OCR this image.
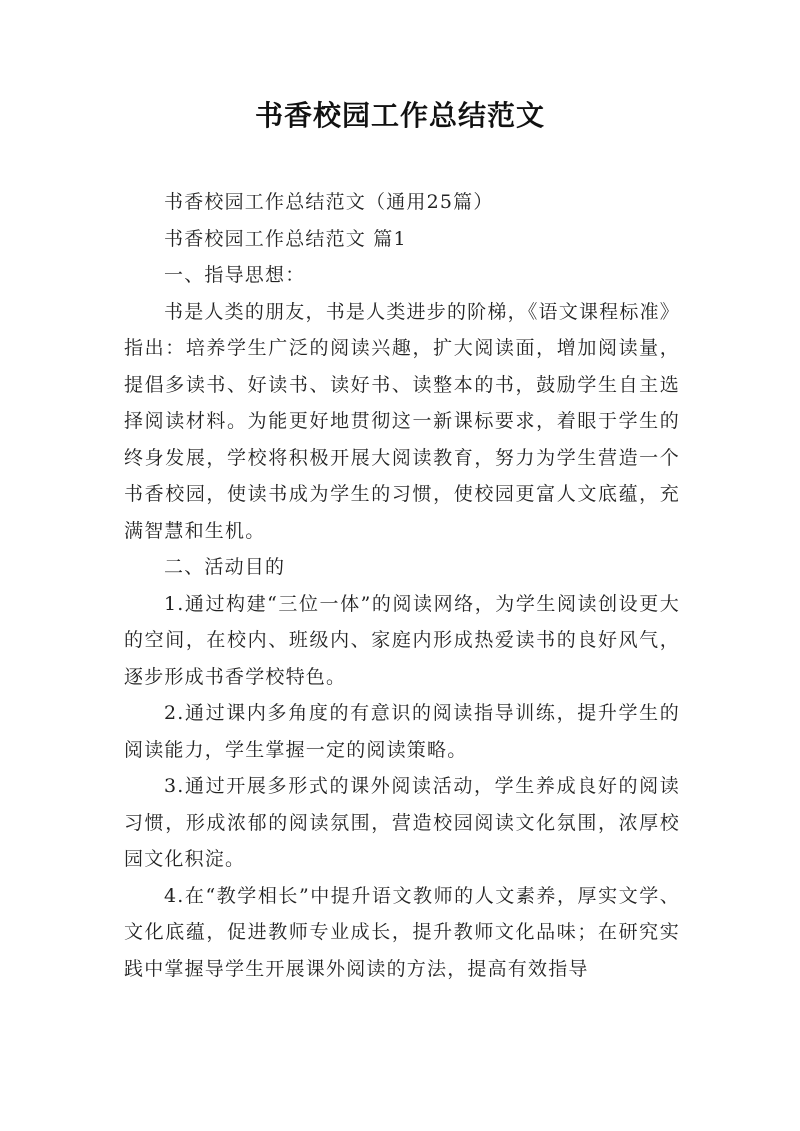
书香校园工作总结范文

书香校园工作总结范文（通用25篇）

书香校园工作总结范文 篇1

一、指导思想：

书是人类的朋友，书是人类进步的阶梯，《语文课程标准》指出：培养学生广泛的阅读兴趣，扩大阅读面，增加阅读量，提倡多读书、好读书、读好书、读整本的书，鼓励学生自主选择阅读材料。为能更好地贯彻这一新课标要求，着眼于学生的终身发展，学校将积极开展大阅读教育，努力为学生营造一个书香校园，使读书成为学生的习惯，使校园更富人文底蕴，充满智慧和生机。

二、活动目的

1.通过构建“三位一体”的阅读网络，为学生阅读创设更大的空间，在校内、班级内、家庭内形成热爱读书的良好风气，逐步形成书香学校特色。

2.通过课内多角度的有意识的阅读指导训练，提升学生的阅读能力，学生掌握一定的阅读策略。

3.通过开展多形式的课外阅读活动，学生养成良好的阅读习惯，形成浓郁的阅读氛围，营造校园阅读文化氛围，浓厚校园文化积淀。

4.在“教学相长”中提升语文教师的人文素养，厚实文学、文化底蕴，促进教师专业成长，提升教师文化品味；在研究实践中掌握导学生开展课外阅读的方法，提高有效指导
